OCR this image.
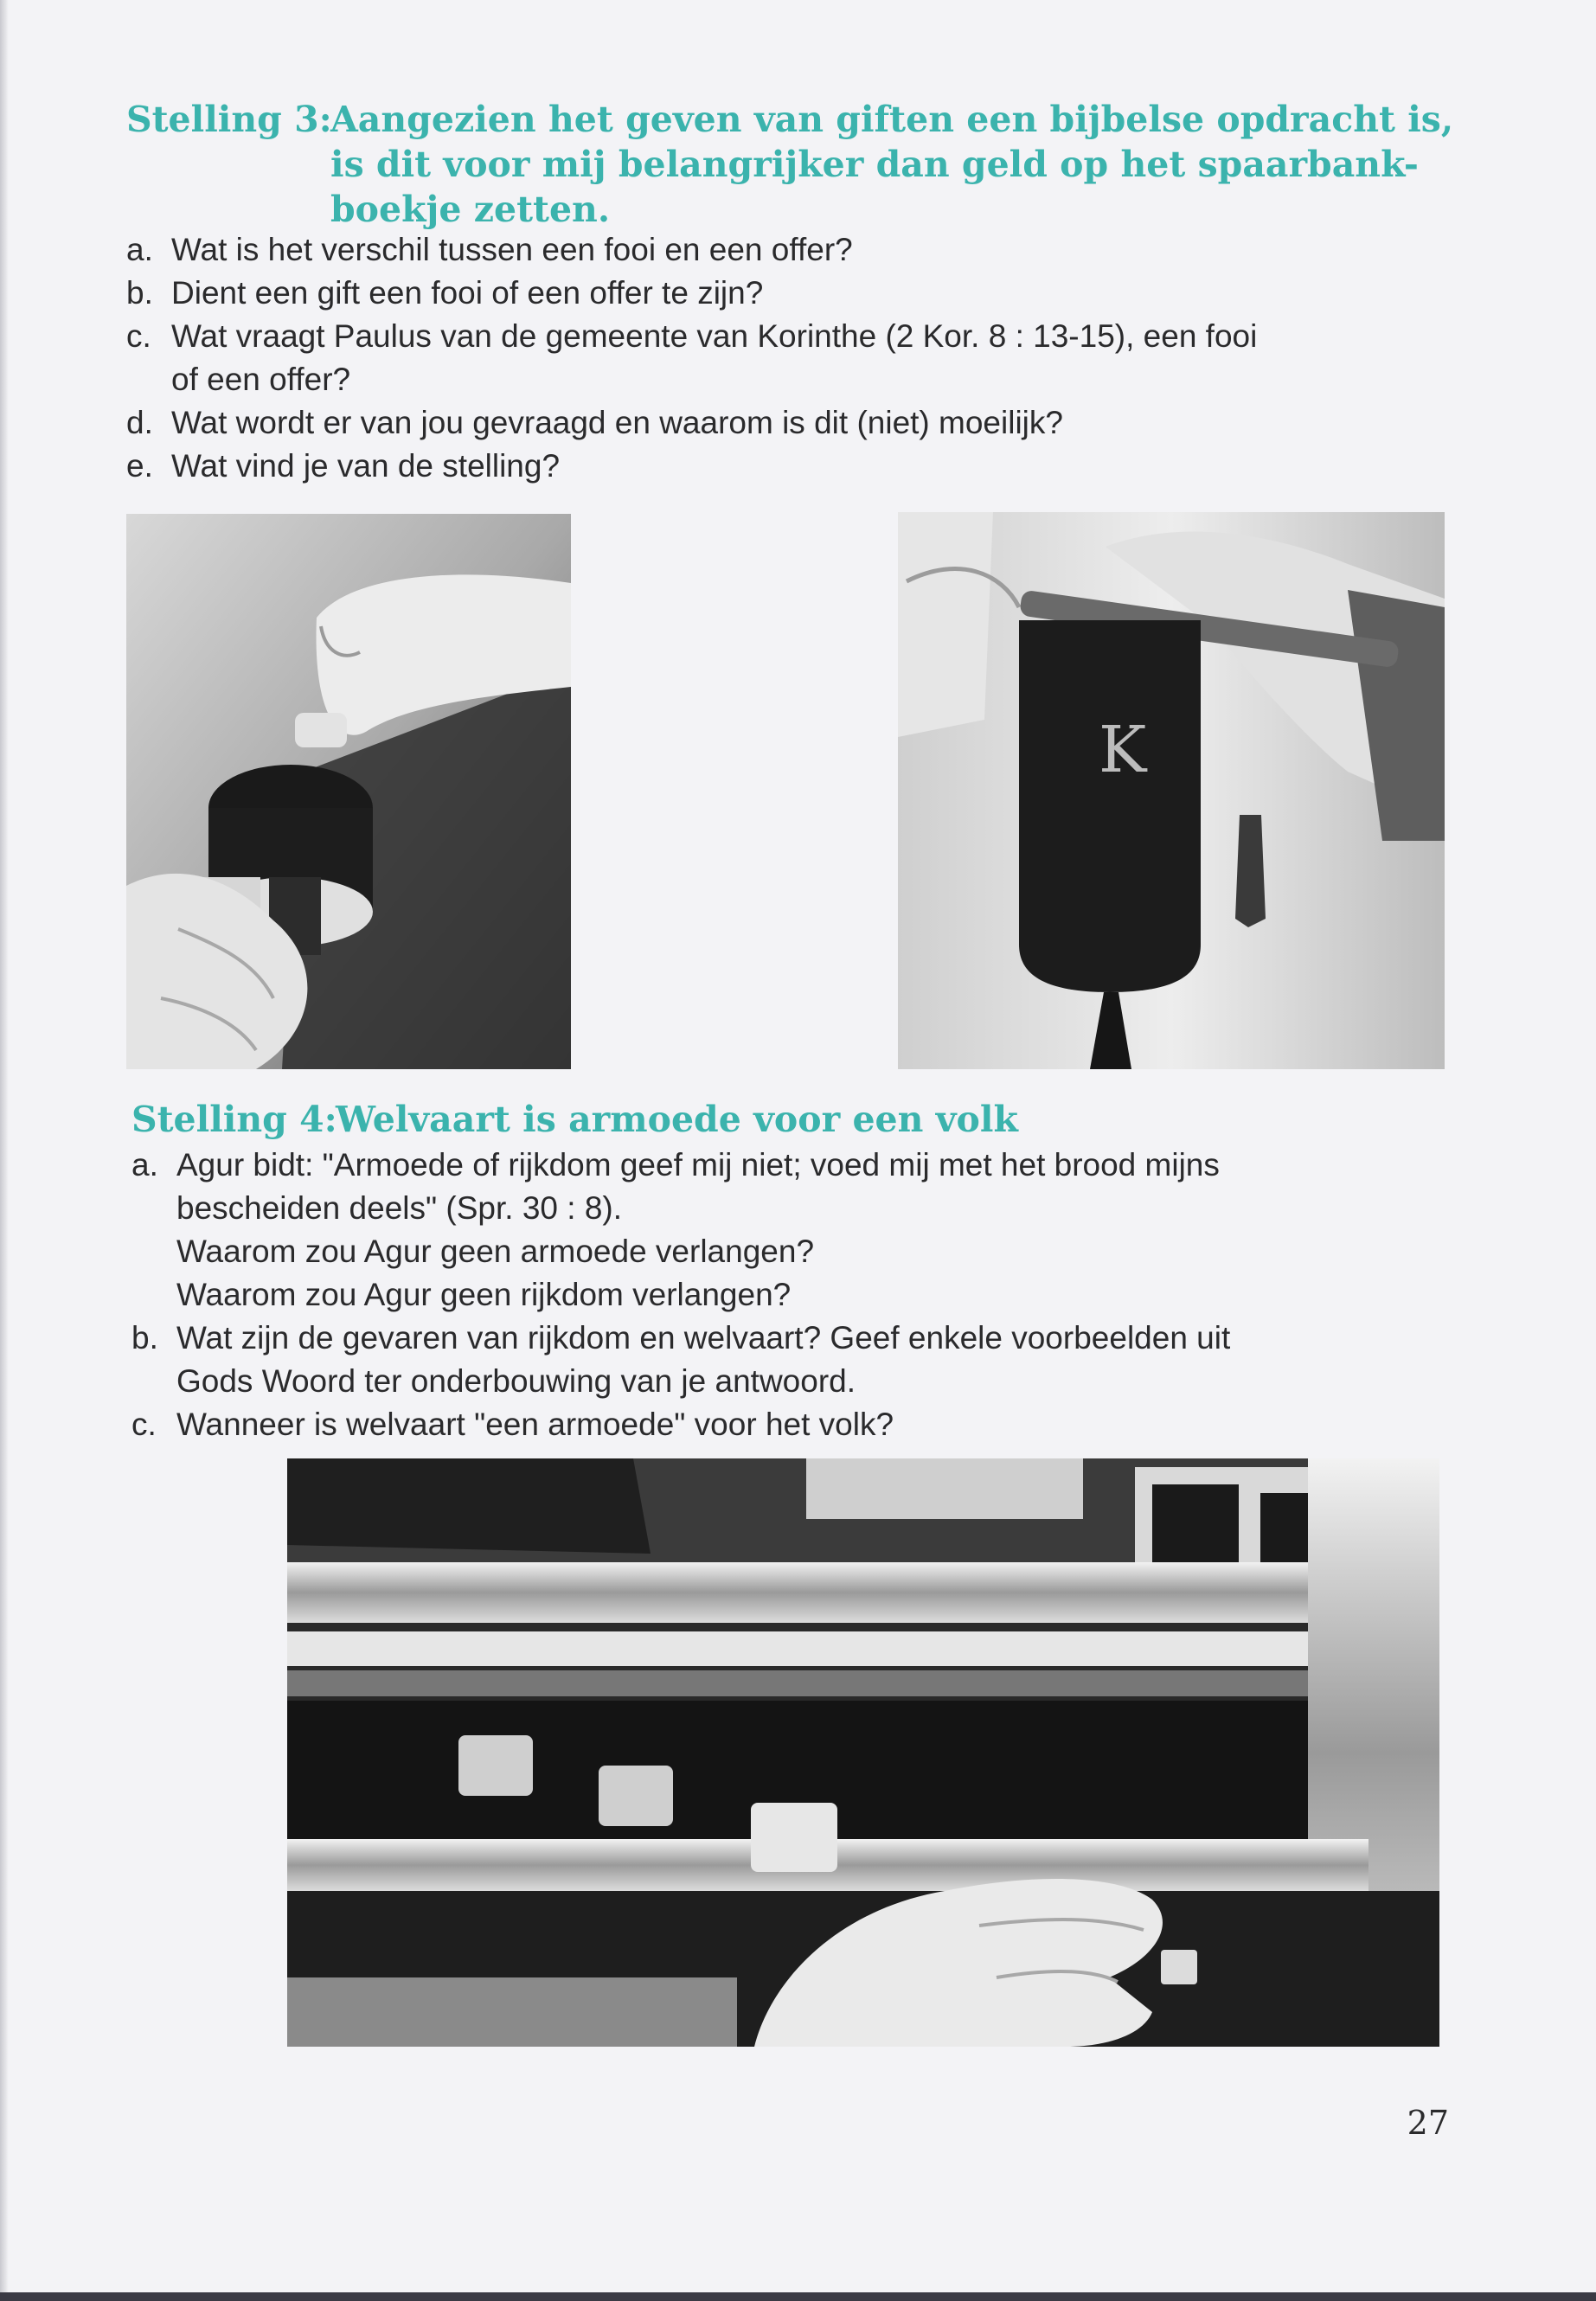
Stelling 3:
Aangezien het geven van giften een bijbelse opdracht is,
is dit voor mij belangrijker dan geld op het spaarbank-
boekje zetten.
a. Wat is het verschil tussen een fooi en een offer?
b. Dient een gift een fooi of een offer te zijn?
c. Wat vraagt Paulus van de gemeente van Korinthe (2 Kor. 8 : 13-15), een fooi
of een offer?
d. Wat wordt er van jou gevraagd en waarom is dit (niet) moeilijk?
e. Wat vind je van de stelling?
K
Stelling 4:
Welvaart is armoede voor een volk
a. Agur bidt: "Armoede of rijkdom geef mij niet; voed mij met het brood mijns
bescheiden deels" (Spr. 30 : 8).
Waarom zou Agur geen armoede verlangen?
Waarom zou Agur geen rijkdom verlangen?
b. Wat zijn de gevaren van rijkdom en welvaart? Geef enkele voorbeelden uit
Gods Woord ter onderbouwing van je antwoord.
c. Wanneer is welvaart "een armoede" voor het volk?
27
